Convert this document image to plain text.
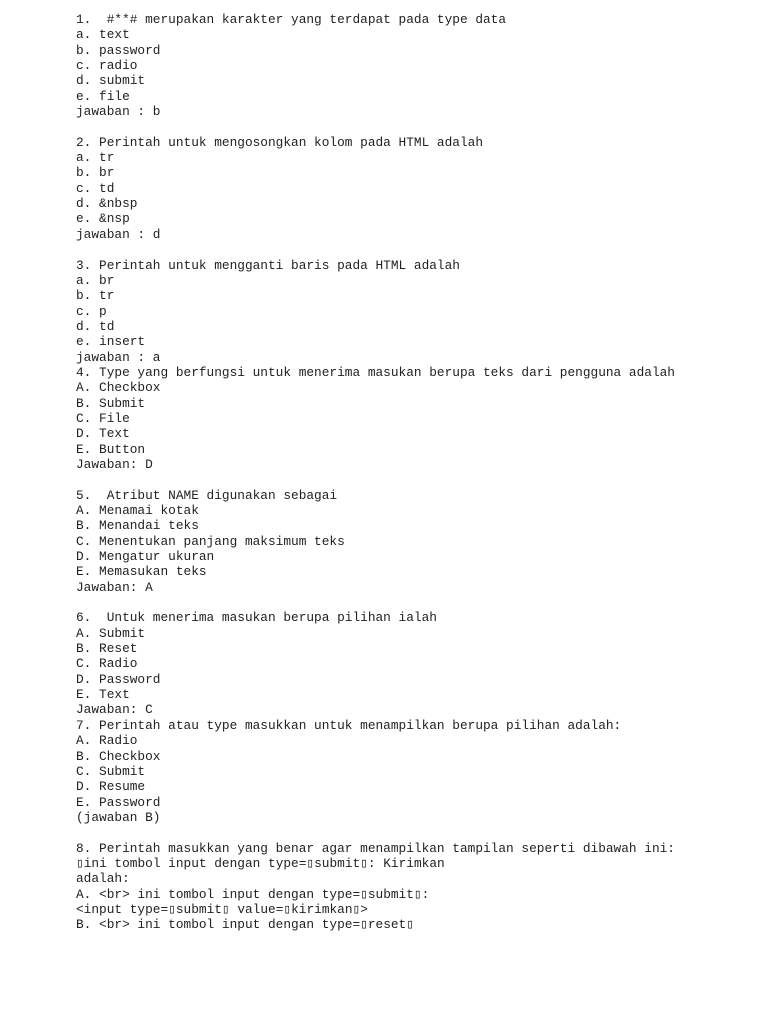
1.  #**# merupakan karakter yang terdapat pada type data
a. text
b. password
c. radio
d. submit
e. file
jawaban : b
2. Perintah untuk mengosongkan kolom pada HTML adalah
a. tr
b. br
c. td
d. &nbsp
e. &nsp
jawaban : d
3. Perintah untuk mengganti baris pada HTML adalah
a. br
b. tr
c. p
d. td
e. insert
jawaban : a
4. Type yang berfungsi untuk menerima masukan berupa teks dari pengguna adalah
A. Checkbox
B. Submit
C. File
D. Text
E. Button
Jawaban: D
5.  Atribut NAME digunakan sebagai
A. Menamai kotak
B. Menandai teks
C. Menentukan panjang maksimum teks
D. Mengatur ukuran
E. Memasukan teks
Jawaban: A
6.  Untuk menerima masukan berupa pilihan ialah
A. Submit
B. Reset
C. Radio
D. Password
E. Text
Jawaban: C
7. Perintah atau type masukkan untuk menampilkan berupa pilihan adalah:
A. Radio
B. Checkbox
C. Submit
D. Resume
E. Password
(jawaban B)
8. Perintah masukkan yang benar agar menampilkan tampilan seperti dibawah ini:
▯ini tombol input dengan type=▯submit▯: Kirimkan
adalah:
A. <br> ini tombol input dengan type=▯submit▯:
<input type=▯submit▯ value=▯kirimkan▯>
B. <br> ini tombol input dengan type=▯reset▯
